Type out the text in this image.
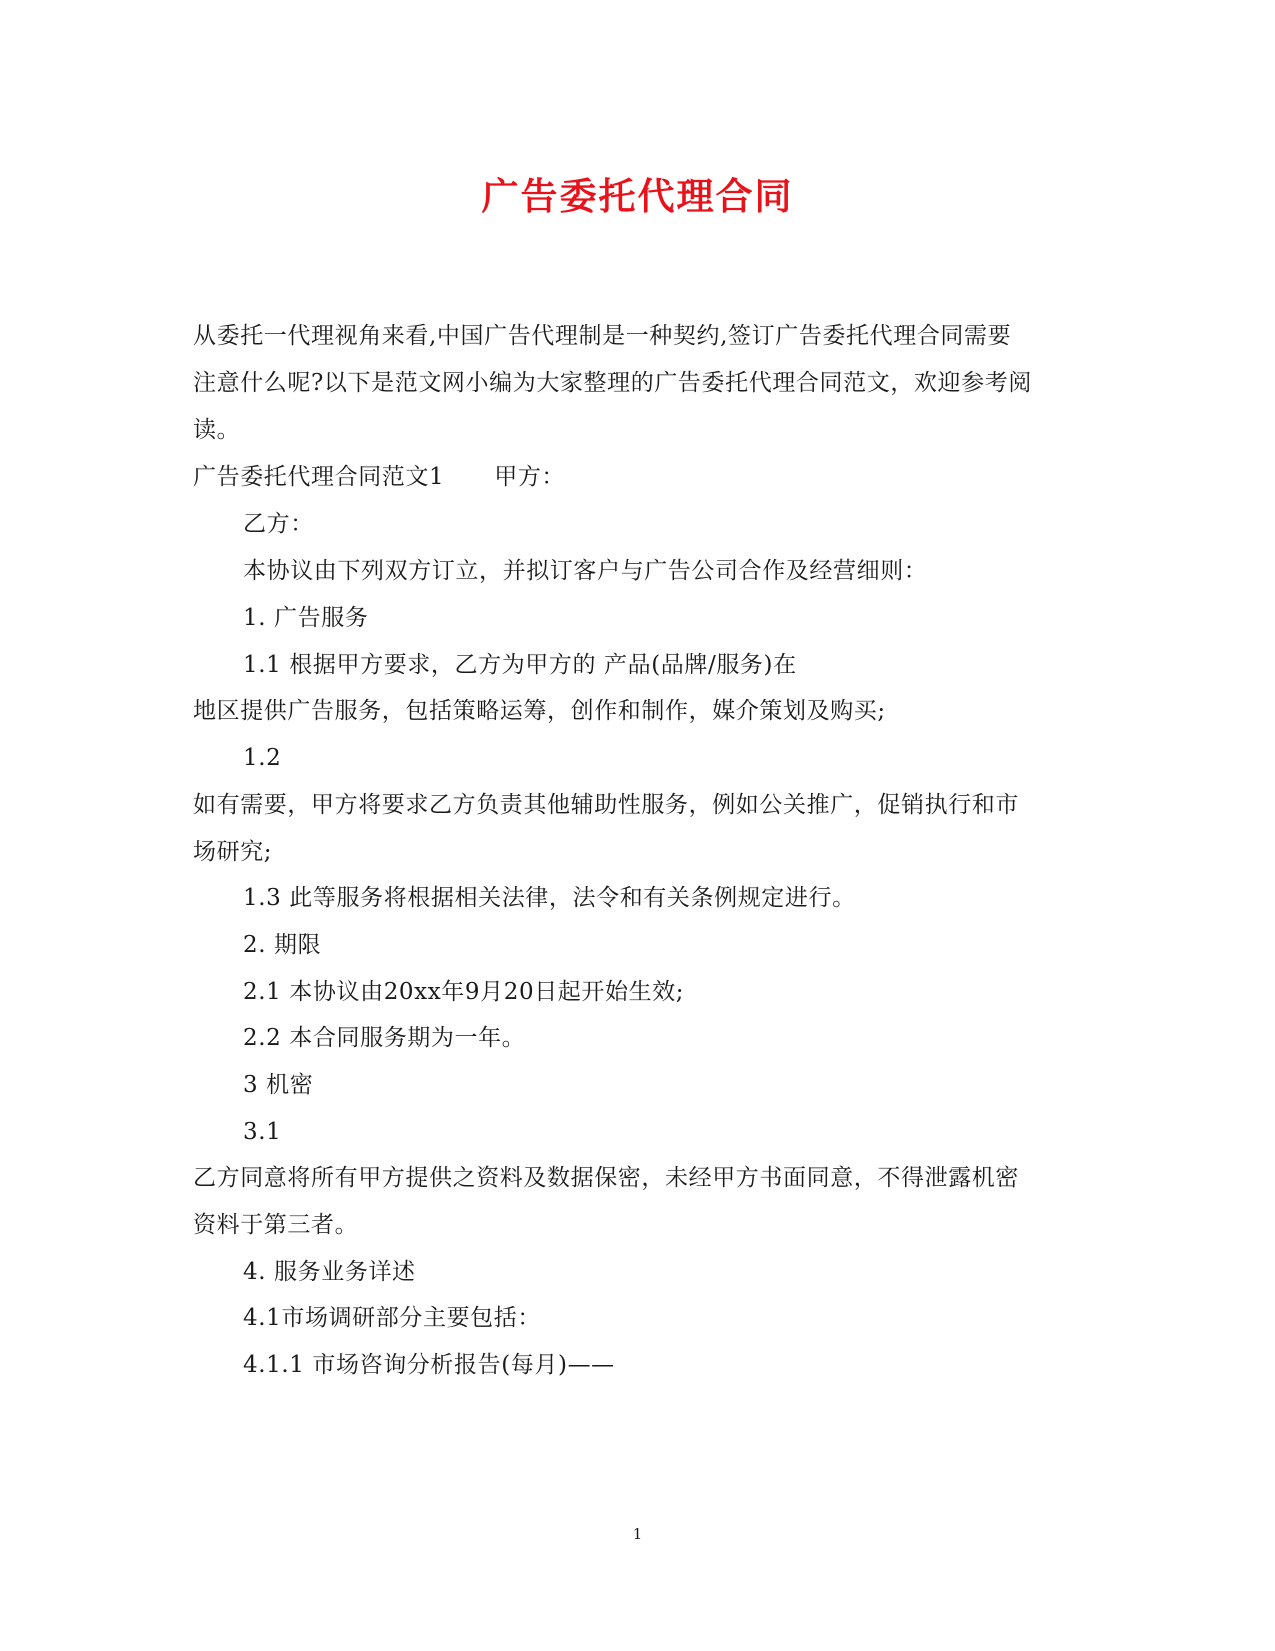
广告委托代理合同
从委托一代理视角来看,中国广告代理制是一种契约,签订广告委托代理合同需要
注意什么呢?以下是范文网小编为大家整理的广告委托代理合同范文，欢迎参考阅
读。
广告委托代理合同范文1 甲方：
乙方：
本协议由下列双方订立，并拟订客户与广告公司合作及经营细则：
1. 广告服务
1.1 根据甲方要求，乙方为甲方的 产品(品牌/服务)在
地区提供广告服务，包括策略运筹，创作和制作，媒介策划及购买;
1.2
如有需要，甲方将要求乙方负责其他辅助性服务，例如公关推广，促销执行和市
场研究;
1.3 此等服务将根据相关法律，法令和有关条例规定进行。
2. 期限
2.1 本协议由20xx年9月20日起开始生效;
2.2 本合同服务期为一年。
3 机密
3.1
乙方同意将所有甲方提供之资料及数据保密，未经甲方书面同意，不得泄露机密
资料于第三者。
4. 服务业务详述
4.1市场调研部分主要包括：
4.1.1 市场咨询分析报告(每月)——
1
